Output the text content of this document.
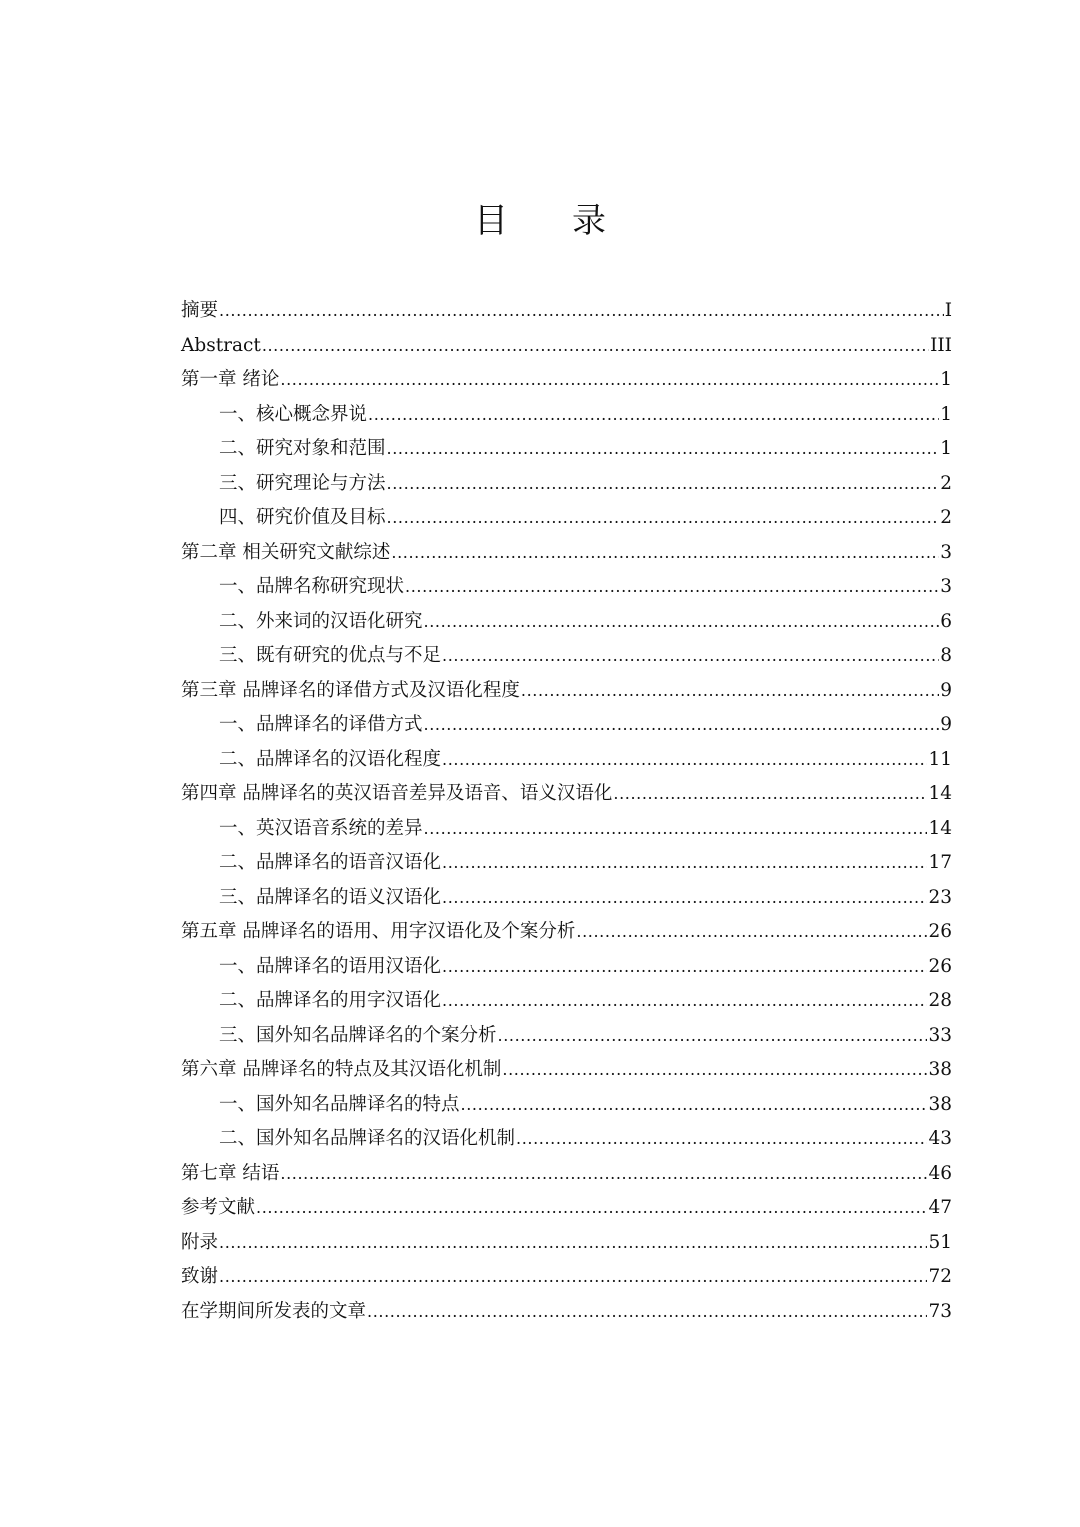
目 录
摘要 .....	I
Abstract .....	III
第一章 绪论 .....	1
一、核心概念界说 .....	1
二、研究对象和范围 .....	1
三、研究理论与方法 .....	2
四、研究价值及目标 .....	2
第二章 相关研究文献综述 .....	3
一、品牌名称研究现状 .....	3
二、外来词的汉语化研究 .....	6
三、既有研究的优点与不足 .....	8
第三章 品牌译名的译借方式及汉语化程度 .....	9
一、品牌译名的译借方式 .....	9
二、品牌译名的汉语化程度 .....	11
第四章 品牌译名的英汉语音差异及语音、语义汉语化 .....	14
一、英汉语音系统的差异 .....	14
二、品牌译名的语音汉语化 .....	17
三、品牌译名的语义汉语化 .....	23
第五章 品牌译名的语用、用字汉语化及个案分析 .....	26
一、品牌译名的语用汉语化 .....	26
二、品牌译名的用字汉语化 .....	28
三、国外知名品牌译名的个案分析 .....	33
第六章 品牌译名的特点及其汉语化机制 .....	38
一、国外知名品牌译名的特点 .....	38
二、国外知名品牌译名的汉语化机制 .....	43
第七章 结语 .....	46
参考文献 .....	47
附录 .....	51
致谢 .....	72
在学期间所发表的文章 .....	73
